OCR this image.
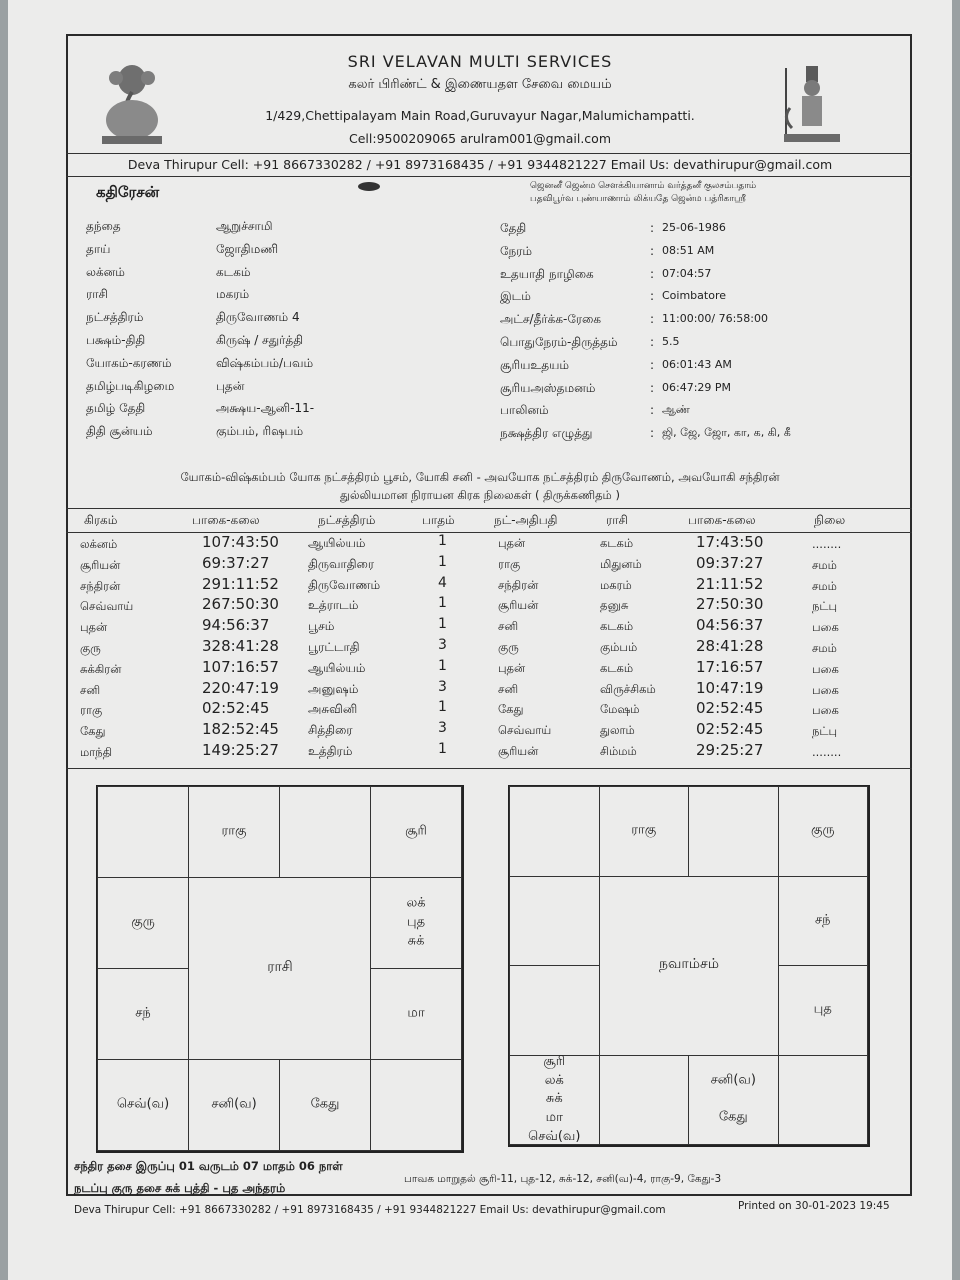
SRI VELAVAN MULTI SERVICES
கலர் பிரிண்ட் & இணையதள சேவை மையம்
1/429,Chettipalayam Main Road,Guruvayur Nagar,Malumichampatti.
Cell:9500209065 arulram001@gmail.com
Deva Thirupur Cell: +91 8667330282 / +91 8973168435 / +91 9344821227 Email Us: devathirupur@gmail.com
கதிரேசன்	ஜெனனீ ஜென்ம சௌக்கியானாம் வர்த்தனீ குலசம்பதாம்
பதவிபூர்வ புண்யாணாம் லிக்யதே ஜென்ம பத்ரிகாஸ்ரீ
தந்தை	ஆறுச்சாமி
தாய்	ஜோதிமணி
லக்னம்	கடகம்
ராசி	மகரம்
நட்சத்திரம்	திருவோணம் 4
பக்ஷம்-திதி	கிருஷ் / சதுர்த்தி
யோகம்-கரணம்	விஷ்கம்பம்/பவம்
தமிழ்படிகிழமை	புதன்
தமிழ் தேதி	அக்ஷய-ஆனி-11-
திதி சூன்யம்	கும்பம், ரிஷபம்
தேதி	: 25-06-1986
நேரம்	: 08:51 AM
உதயாதி நாழிகை	: 07:04:57
இடம்	: Coimbatore
அட்ச/தீர்க்க-ரேகை	: 11:00:00/ 76:58:00
பொதுநேரம்-திருத்தம்	: 5.5
சூரியஉதயம்	: 06:01:43 AM
சூரியஅஸ்தமனம்	: 06:47:29 PM
பாலினம்	: ஆண்
நக்ஷத்திர எழுத்து	: ஜி, ஜே, ஜோ, கா, க, கி, கீ
யோகம்-விஷ்கம்பம் யோக நட்சத்திரம் பூசம், யோகி சனி - அவயோக நட்சத்திரம் திருவோணம், அவயோகி சந்திரன்
துல்லியமான நிராயன கிரக நிலைகள் ( திருக்கணிதம் )
கிரகம்	பாகை-கலை	நட்சத்திரம்	பாதம்	நட்-அதிபதி	ராசி	பாகை-கலை	நிலை
லக்னம்	107:43:50 ஆயில்யம்	1	புதன்	கடகம்	17:43:50	........
சூரியன்	69:37:27	திருவாதிரை	1	ராகு	மிதுனம்	09:37:27	சமம்
சந்திரன்	291:11:52 திருவோணம்	4	சந்திரன்	மகரம்	21:11:52	சமம்
செவ்வாய்	267:50:30 உத்ராடம்	1	சூரியன்	தனுசு	27:50:30	நட்பு
புதன்	94:56:37	பூசம்	1	சனி	கடகம்	04:56:37	பகை
குரு	328:41:28 பூரட்டாதி	3	குரு	கும்பம்	28:41:28	சமம்
சுக்கிரன்	107:16:57 ஆயில்யம்	1	புதன்	கடகம்	17:16:57	பகை
சனி	220:47:19 அனுஷம்	3	சனி	விருச்சிகம்	10:47:19	பகை
ராகு	02:52:45	அசுவினி	1	கேது	மேஷம்	02:52:45	பகை
கேது	182:52:45 சித்திரை	3	செவ்வாய்	துலாம்	02:52:45	நட்பு
மாந்தி	149:25:27 உத்திரம்	1	சூரியன்	சிம்மம்	29:25:27	........
ராகு	சூரி
குரு
லக்
புத
சுக்
சந்	மா
செவ்(வ)	சனி(வ)	கேது
ராசி
ராகு	குரு
சந்
புத
சூரி
லக்
சுக்
மா
செவ்(வ)
சனி(வ)

கேது
நவாம்சம்
சந்திர தசை இருப்பு 01 வருடம் 07 மாதம் 06 நாள்
நடப்பு குரு தசை சுக் புத்தி - புத அந்தரம்
பாவக மாறுதல் சூரி-11, புத-12, சுக்-12, சனி(வ)-4, ராகு-9, கேது-3
Deva Thirupur Cell: +91 8667330282 / +91 8973168435 / +91 9344821227 Email Us: devathirupur@gmail.com	Printed on 30-01-2023 19:45
